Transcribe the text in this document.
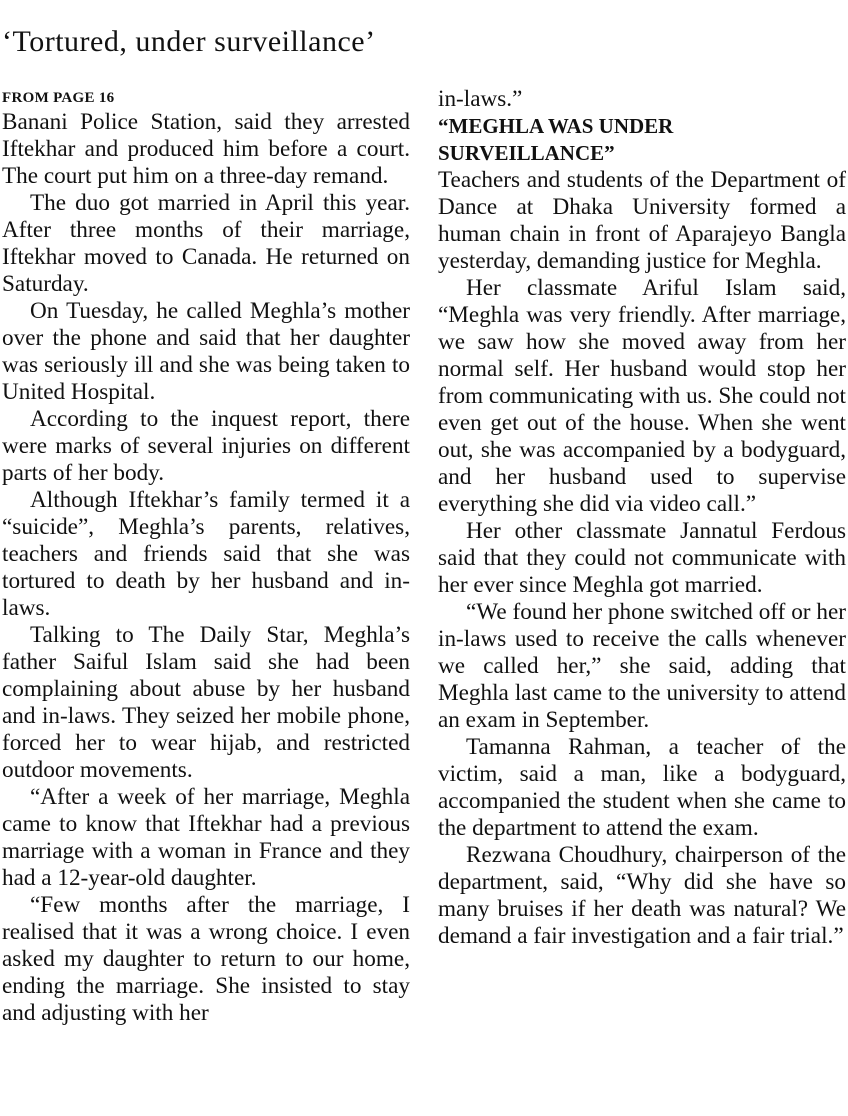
‘Tortured, under surveillance’
FROM PAGE 16

Banani Police Station, said they arrested Iftekhar and produced him before a court. The court put him on a three-day remand.

The duo got married in April this year. After three months of their marriage, Iftekhar moved to Canada. He returned on Saturday.

On Tuesday, he called Meghla’s mother over the phone and said that her daughter was seriously ill and she was being taken to United Hospital.

According to the inquest report, there were marks of several injuries on different parts of her body.

Although Iftekhar’s family termed it a “suicide”, Meghla’s parents, relatives, teachers and friends said that she was tortured to death by her husband and in-laws.

Talking to The Daily Star, Meghla’s father Saiful Islam said she had been complaining about abuse by her husband and in-laws. They seized her mobile phone, forced her to wear hijab, and restricted outdoor movements.

“After a week of her marriage, Meghla came to know that Iftekhar had a previous marriage with a woman in France and they had a 12-year-old daughter.

“Few months after the marriage, I realised that it was a wrong choice. I even asked my daughter to return to our home, ending the marriage. She insisted to stay and adjusting with her

in-laws.”

“MEGHLA WAS UNDER SURVEILLANCE”

Teachers and students of the Department of Dance at Dhaka University formed a human chain in front of Aparajeyo Bangla yesterday, demanding justice for Meghla.

Her classmate Ariful Islam said, “Meghla was very friendly. After marriage, we saw how she moved away from her normal self. Her husband would stop her from communicating with us. She could not even get out of the house. When she went out, she was accompanied by a bodyguard, and her husband used to supervise everything she did via video call.”

Her other classmate Jannatul Ferdous said that they could not communicate with her ever since Meghla got married.

“We found her phone switched off or her in-laws used to receive the calls whenever we called her,” she said, adding that Meghla last came to the university to attend an exam in September.

Tamanna Rahman, a teacher of the victim, said a man, like a bodyguard, accompanied the student when she came to the department to attend the exam.

Rezwana Choudhury, chairperson of the department, said, “Why did she have so many bruises if her death was natural? We demand a fair investigation and a fair trial.”
